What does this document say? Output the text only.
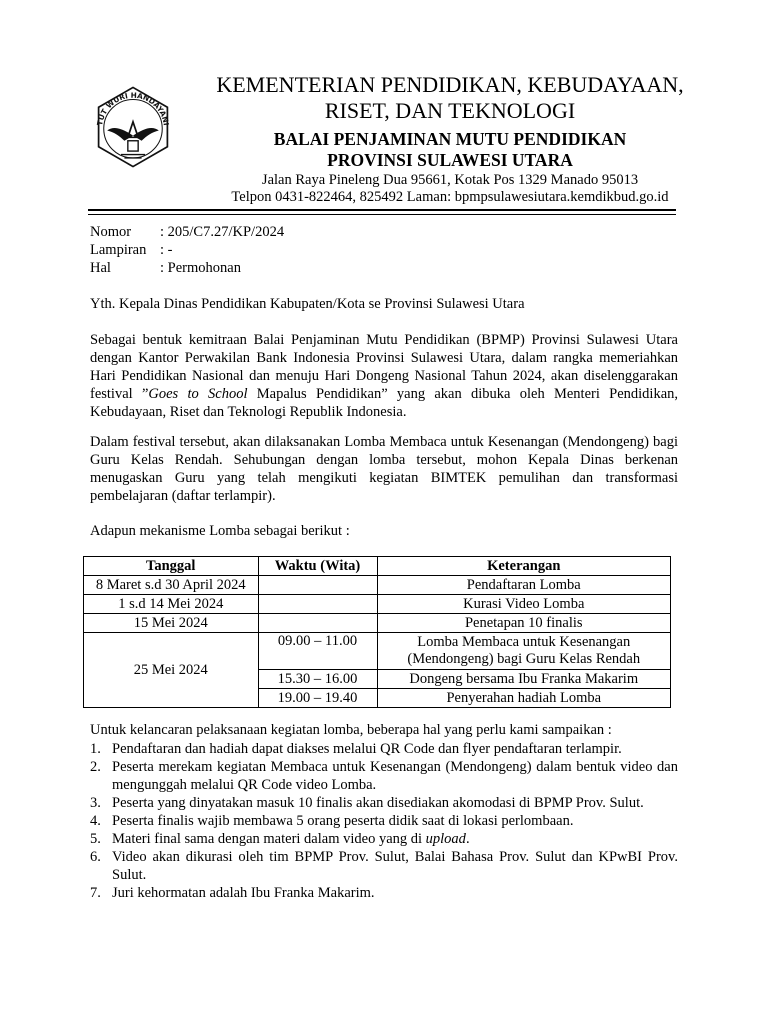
TUT WURI HANDAYANI
KEMENTERIAN PENDIDIKAN, KEBUDAYAAN,
RISET, DAN TEKNOLOGI
BALAI PENJAMINAN MUTU PENDIDIKAN
PROVINSI SULAWESI UTARA
Jalan Raya Pineleng Dua 95661, Kotak Pos 1329 Manado 95013
Telpon 0431-822464, 825492 Laman: bpmpsulawesiutara.kemdikbud.go.id
Nomor	: 205/C7.27/KP/2024
Lampiran : -
Hal	: Permohonan
Yth. Kepala Dinas Pendidikan Kabupaten/Kota se Provinsi Sulawesi Utara
Sebagai bentuk kemitraan Balai Penjaminan Mutu Pendidikan (BPMP) Provinsi Sulawesi Utara dengan Kantor Perwakilan Bank Indonesia Provinsi Sulawesi Utara, dalam rangka memeriahkan Hari Pendidikan Nasional dan menuju Hari Dongeng Nasional Tahun 2024, akan diselenggarakan festival ”Goes to School Mapalus Pendidikan” yang akan dibuka oleh Menteri Pendidikan, Kebudayaan, Riset dan Teknologi Republik Indonesia.
Dalam festival tersebut, akan dilaksanakan Lomba Membaca untuk Kesenangan (Mendongeng) bagi Guru Kelas Rendah. Sehubungan dengan lomba tersebut, mohon Kepala Dinas berkenan menugaskan Guru yang telah mengikuti kegiatan BIMTEK pemulihan dan transformasi pembelajaran (daftar terlampir).
Adapun mekanisme Lomba sebagai berikut :
Tanggal	Waktu (Wita)	Keterangan
8 Maret s.d 30 April 2024		Pendaftaran Lomba
1 s.d 14 Mei 2024		Kurasi Video Lomba
15 Mei 2024		Penetapan 10 finalis
25 Mei 2024	09.00 – 11.00	Lomba Membaca untuk Kesenangan
(Mendongeng) bagi Guru Kelas Rendah

	15.30 – 16.00	Dongeng bersama Ibu Franka Makarim
	19.00 – 19.40	Penyerahan hadiah Lomba
Untuk kelancaran pelaksanaan kegiatan lomba, beberapa hal yang perlu kami sampaikan :
1. Pendaftaran dan hadiah dapat diakses melalui QR Code dan flyer pendaftaran terlampir.
2. Peserta merekam kegiatan Membaca untuk Kesenangan (Mendongeng) dalam bentuk video dan mengunggah melalui QR Code video Lomba.
3. Peserta yang dinyatakan masuk 10 finalis akan disediakan akomodasi di BPMP Prov. Sulut.
4. Peserta finalis wajib membawa 5 orang peserta didik saat di lokasi perlombaan.
5. Materi final sama dengan materi dalam video yang di upload.
6. Video akan dikurasi oleh tim BPMP Prov. Sulut, Balai Bahasa Prov. Sulut dan KPwBI Prov. Sulut.
7. Juri kehormatan adalah Ibu Franka Makarim.
